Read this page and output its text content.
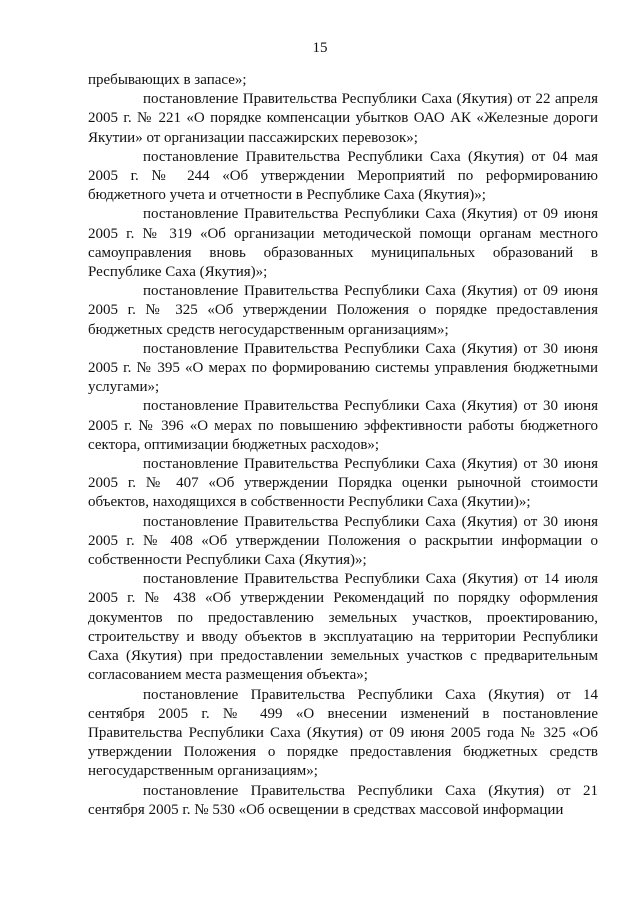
15

пребывающих в запасе»;

постановление Правительства Республики Саха (Якутия) от 22 апреля 2005 г. № 221 «О порядке компенсации убытков ОАО АК «Железные дороги Якутии» от организации пассажирских перевозок»;

постановление Правительства Республики Саха (Якутия) от 04 мая 2005 г. № 244 «Об утверждении Мероприятий по реформированию бюджетного учета и отчетности в Республике Саха (Якутия)»;

постановление Правительства Республики Саха (Якутия) от 09 июня 2005 г. № 319 «Об организации методической помощи органам местного самоуправления вновь образованных муниципальных образований в Республике Саха (Якутия)»;

постановление Правительства Республики Саха (Якутия) от 09 июня 2005 г. № 325 «Об утверждении Положения о порядке предоставления бюджетных средств негосударственным организациям»;

постановление Правительства Республики Саха (Якутия) от 30 июня 2005 г. № 395 «О мерах по формированию системы управления бюджетными услугами»;

постановление Правительства Республики Саха (Якутия) от 30 июня 2005 г. № 396 «О мерах по повышению эффективности работы бюджетного сектора, оптимизации бюджетных расходов»;

постановление Правительства Республики Саха (Якутия) от 30 июня 2005 г. № 407 «Об утверждении Порядка оценки рыночной стоимости объектов, находящихся в собственности Республики Саха (Якутии)»;

постановление Правительства Республики Саха (Якутия) от 30 июня 2005 г. № 408 «Об утверждении Положения о раскрытии информации о собственности Республики Саха (Якутия)»;

постановление Правительства Республики Саха (Якутия) от 14 июля 2005 г. № 438 «Об утверждении Рекомендаций по порядку оформления документов по предоставлению земельных участков, проектированию, строительству и вводу объектов в эксплуатацию на территории Республики Саха (Якутия) при предоставлении земельных участков с предварительным согласованием места размещения объекта»;

постановление Правительства Республики Саха (Якутия) от 14 сентября 2005 г. № 499 «О внесении изменений в постановление Правительства Республики Саха (Якутия) от 09 июня 2005 года № 325 «Об утверждении Положения о порядке предоставления бюджетных средств негосударственным организациям»;

постановление Правительства Республики Саха (Якутия) от 21 сентября 2005 г. № 530 «Об освещении в средствах массовой информации
